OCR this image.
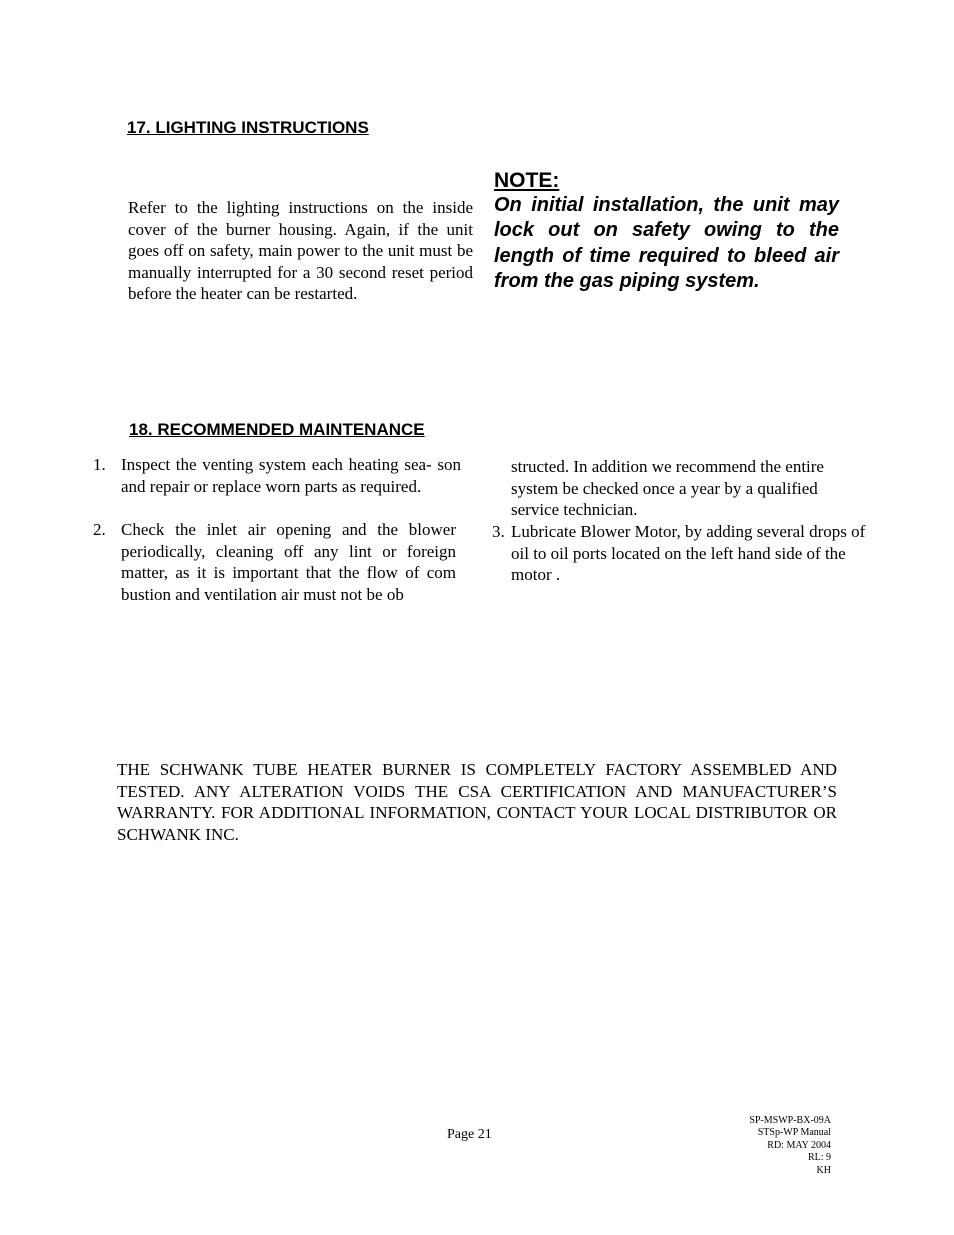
17. LIGHTING INSTRUCTIONS
Refer to the lighting instructions on the inside cover of the burner housing. Again, if the unit goes off on safety, main power to the unit must be manually interrupted for a 30 second reset period before the heater can be restarted.
NOTE:
On initial installation, the unit may lock out on safety owing to the length of time required to bleed air from the gas piping system.
18. RECOMMENDED MAINTENANCE
1. Inspect the venting system each heating sea- son and repair or replace worn parts as required.
2. Check the inlet air opening and the blower periodically, cleaning off any lint or foreign matter, as it is important that the flow of com bustion and ventilation air must not be ob
structed. In addition we recommend the entire system be checked once a year by a qualified service technician.
3. Lubricate Blower Motor, by adding several drops of oil to oil ports located on the left hand side of the motor .
THE SCHWANK TUBE HEATER BURNER IS COMPLETELY FACTORY ASSEMBLED AND TESTED. ANY ALTERATION VOIDS THE CSA CERTIFICATION AND MANUFACTURER’S WARRANTY. FOR ADDITIONAL INFORMATION, CONTACT YOUR LOCAL DISTRIBUTOR OR SCHWANK INC.
Page 21
SP-MSWP-BX-09A
STSp-WP Manual
RD: MAY 2004
RL: 9
KH
